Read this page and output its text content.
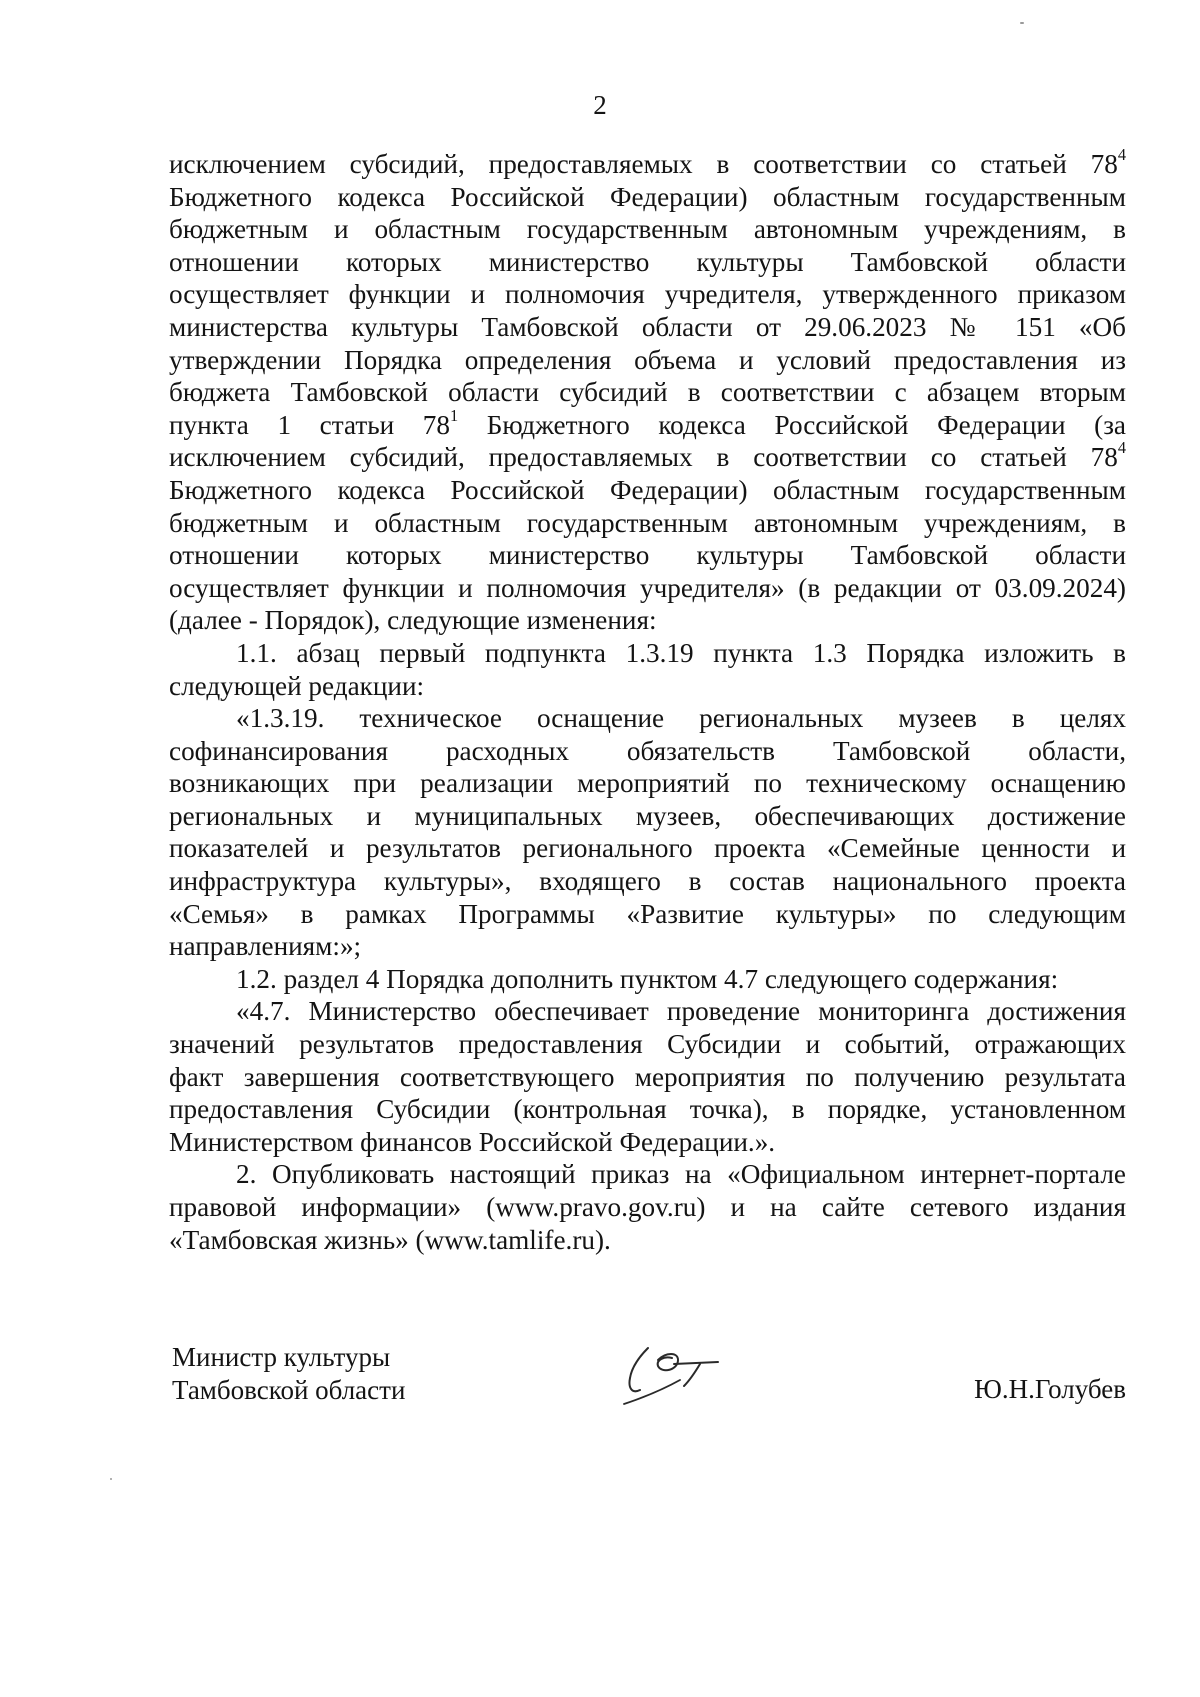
2

исключением субсидий, предоставляемых в соответствии со статьей $78^4$
Бюджетного кодекса Российской Федерации) областным государственным
бюджетным и областным государственным автономным учреждениям, в
отношении которых министерство культуры Тамбовской области
осуществляет функции и полномочия учредителя, утвержденного приказом
министерства культуры Тамбовской области от 29.06.2023 № 151 «Об
утверждении Порядка определения объема и условий предоставления из
бюджета Тамбовской области субсидий в соответствии с абзацем вторым
пункта 1 статьи $78^1$ Бюджетного кодекса Российской Федерации (за
исключением субсидий, предоставляемых в соответствии со статьей $78^4$
Бюджетного кодекса Российской Федерации) областным государственным
бюджетным и областным государственным автономным учреждениям, в
отношении которых министерство культуры Тамбовской области
осуществляет функции и полномочия учредителя» (в редакции от 03.09.2024)
(далее - Порядок), следующие изменения:

1.1. абзац первый подпункта 1.3.19 пункта 1.3 Порядка изложить в
следующей редакции:

«1.3.19. техническое оснащение региональных музеев в целях
софинансирования расходных обязательств Тамбовской области,
возникающих при реализации мероприятий по техническому оснащению
региональных и муниципальных музеев, обеспечивающих достижение
показателей и результатов регионального проекта «Семейные ценности и
инфраструктура культуры», входящего в состав национального проекта
«Семья» в рамках Программы «Развитие культуры» по следующим
направлениям:»;

1.2. раздел 4 Порядка дополнить пунктом 4.7 следующего содержания:

«4.7. Министерство обеспечивает проведение мониторинга достижения
значений результатов предоставления Субсидии и событий, отражающих
факт завершения соответствующего мероприятия по получению результата
предоставления Субсидии (контрольная точка), в порядке, установленном
Министерством финансов Российской Федерации.».

2. Опубликовать настоящий приказ на «Официальном интернет-портале
правовой информации» (www.pravo.gov.ru) и на сайте сетевого издания
«Тамбовская жизнь» (www.tamlife.ru).

Министр культуры
Тамбовской области	Ю.Н.Голубев
